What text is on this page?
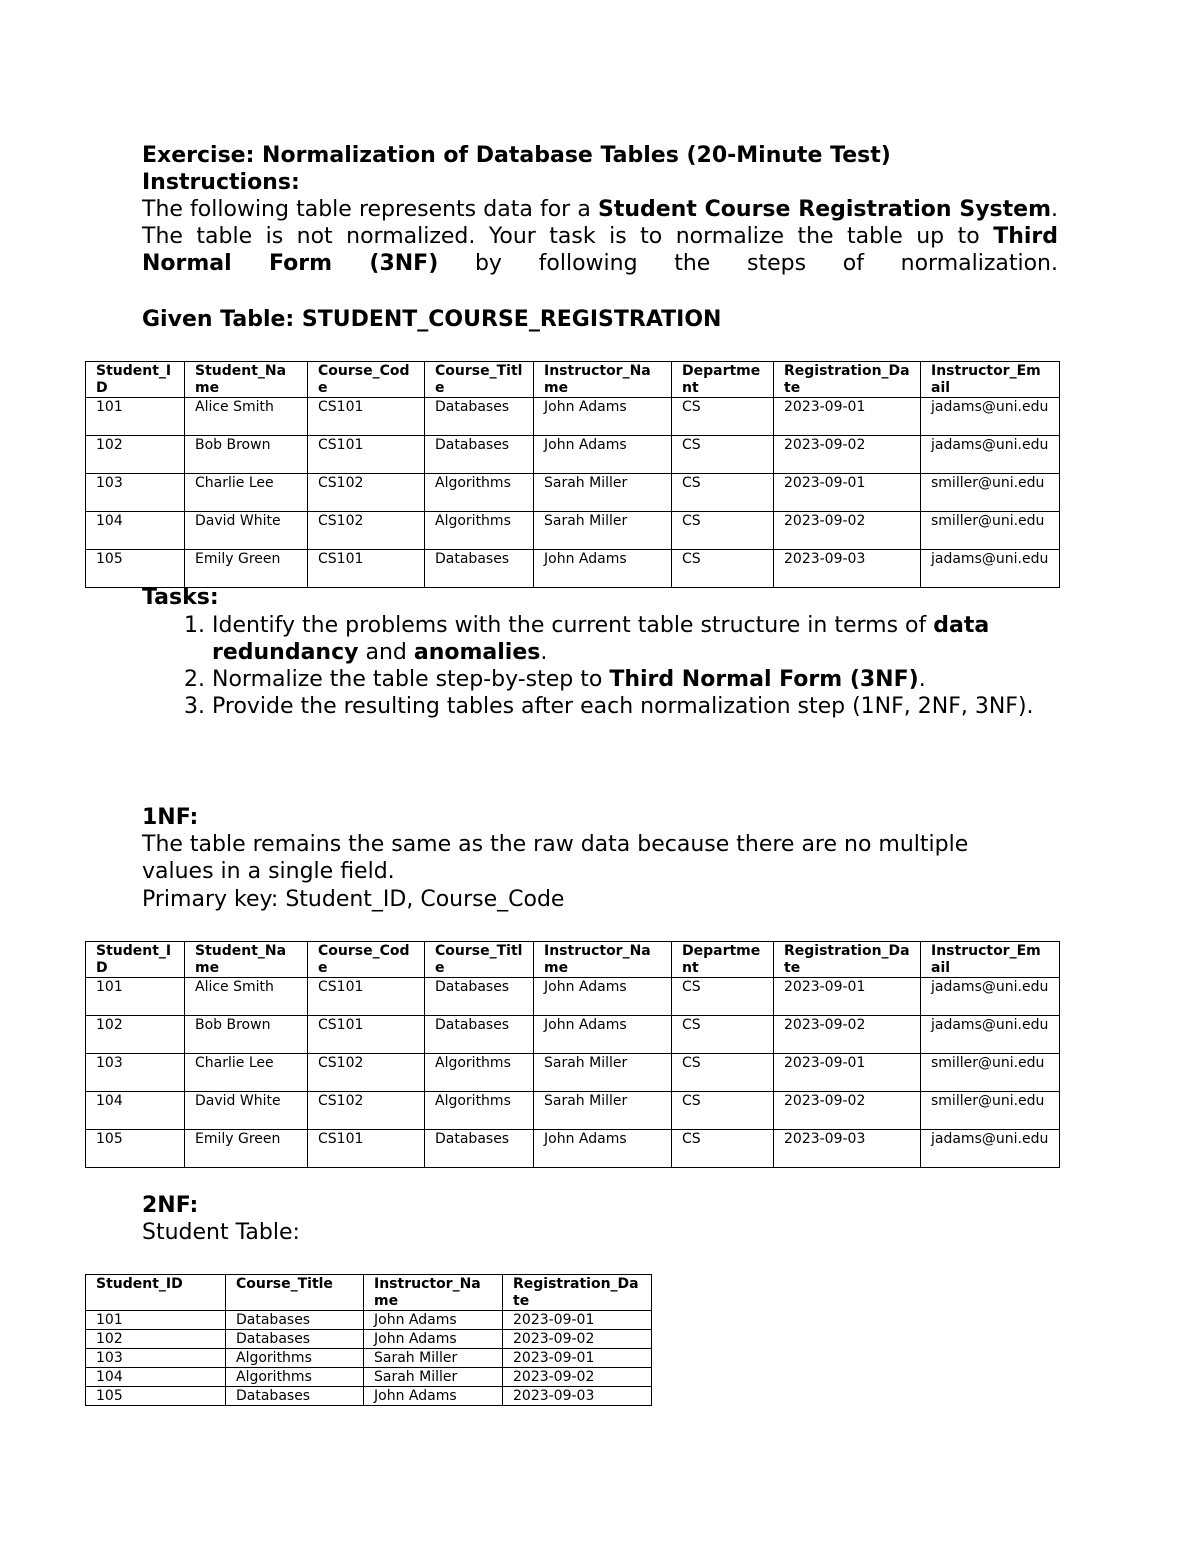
Exercise: Normalization of Database Tables (20-Minute Test)
Instructions:
The following table represents data for a Student Course Registration System. The table is not normalized. Your task is to normalize the table up to Third Normal Form (3NF) by following the steps of normalization.
Given Table: STUDENT_COURSE_REGISTRATION
Student_ID	Student_Name	Course_Code	Course_Title	Instructor_Name	Department	Registration_Date	Instructor_Email
101	Alice Smith	CS101	Databases	John Adams	CS	2023-09-01	jadams@uni.edu
102	Bob Brown	CS101	Databases	John Adams	CS	2023-09-02	jadams@uni.edu
103	Charlie Lee	CS102	Algorithms	Sarah Miller	CS	2023-09-01	smiller@uni.edu
104	David White	CS102	Algorithms	Sarah Miller	CS	2023-09-02	smiller@uni.edu
105	Emily Green	CS101	Databases	John Adams	CS	2023-09-03	jadams@uni.edu
Tasks:
1. Identify the problems with the current table structure in terms of data redundancy and anomalies.
2. Normalize the table step-by-step to Third Normal Form (3NF).
3. Provide the resulting tables after each normalization step (1NF, 2NF, 3NF).
1NF:
The table remains the same as the raw data because there are no multiple
values in a single field.
Primary key: Student_ID, Course_Code
Student_ID	Student_Name	Course_Code	Course_Title	Instructor_Name	Department	Registration_Date	Instructor_Email
101	Alice Smith	CS101	Databases	John Adams	CS	2023-09-01	jadams@uni.edu
102	Bob Brown	CS101	Databases	John Adams	CS	2023-09-02	jadams@uni.edu
103	Charlie Lee	CS102	Algorithms	Sarah Miller	CS	2023-09-01	smiller@uni.edu
104	David White	CS102	Algorithms	Sarah Miller	CS	2023-09-02	smiller@uni.edu
105	Emily Green	CS101	Databases	John Adams	CS	2023-09-03	jadams@uni.edu
2NF:
Student Table:
Student_ID	Course_Title	Instructor_Name	Registration_Date
101	Databases	John Adams	2023-09-01
102	Databases	John Adams	2023-09-02
103	Algorithms	Sarah Miller	2023-09-01
104	Algorithms	Sarah Miller	2023-09-02
105	Databases	John Adams	2023-09-03
